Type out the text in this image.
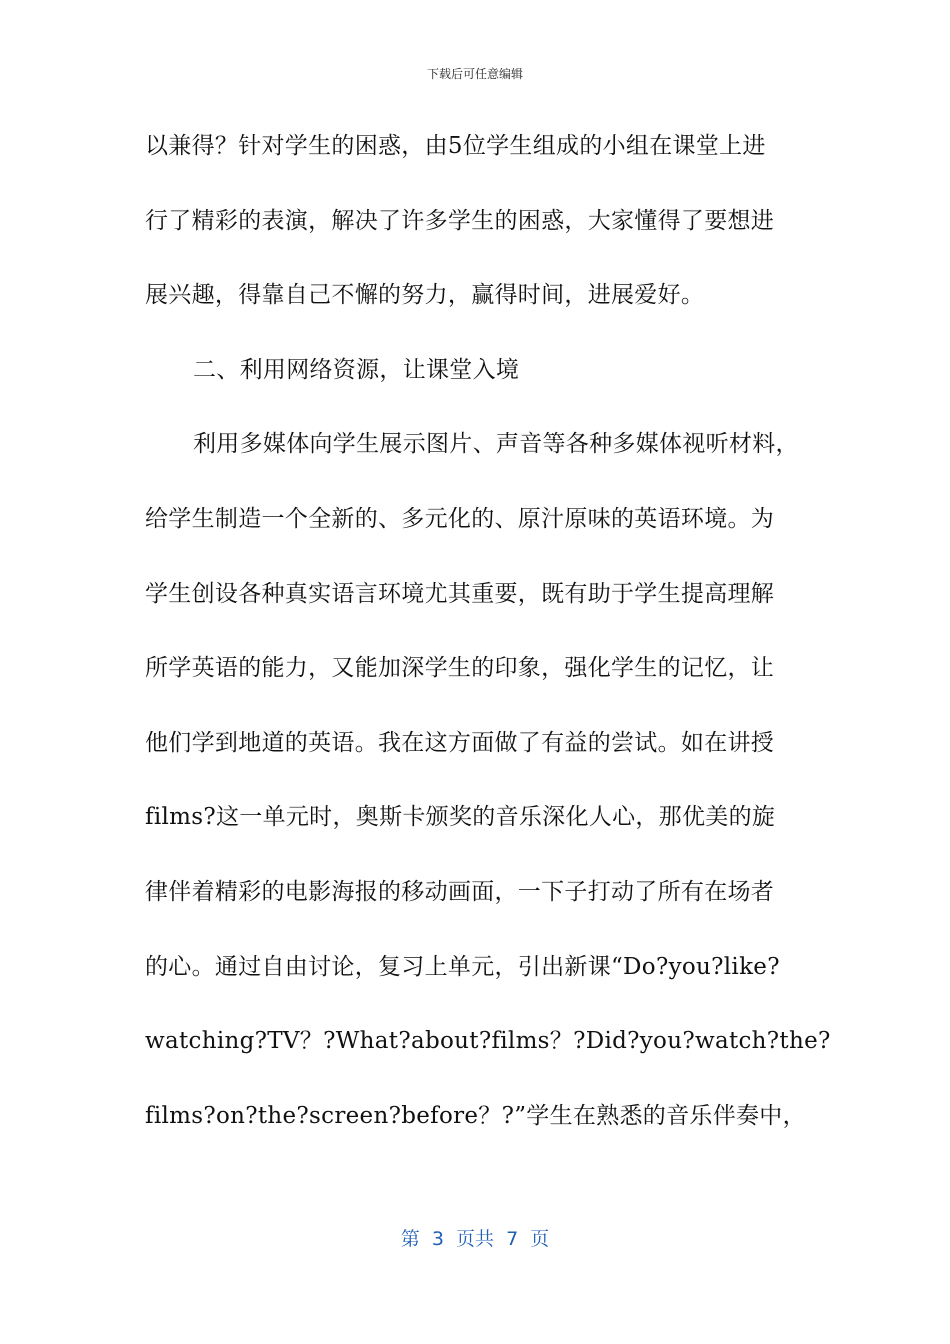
下载后可任意编辑
以兼得？针对学生的困惑，由5位学生组成的小组在课堂上进
行了精彩的表演，解决了许多学生的困惑，大家懂得了要想进
展兴趣，得靠自己不懈的努力，赢得时间，进展爱好。
二、利用网络资源，让课堂入境
利用多媒体向学生展示图片、声音等各种多媒体视听材料，
给学生制造一个全新的、多元化的、原汁原味的英语环境。为
学生创设各种真实语言环境尤其重要，既有助于学生提高理解
所学英语的能力，又能加深学生的印象，强化学生的记忆，让
他们学到地道的英语。我在这方面做了有益的尝试。如在讲授
films?这一单元时，奥斯卡颁奖的音乐深化人心，那优美的旋
律伴着精彩的电影海报的移动画面，一下子打动了所有在场者
的心。通过自由讨论，复习上单元，引出新课“Do?you?like?
watching?TV？?What?about?films？?Did?you?watch?the?
films?on?the?screen?before？?”学生在熟悉的音乐伴奏中，
第  3  页共  7  页
